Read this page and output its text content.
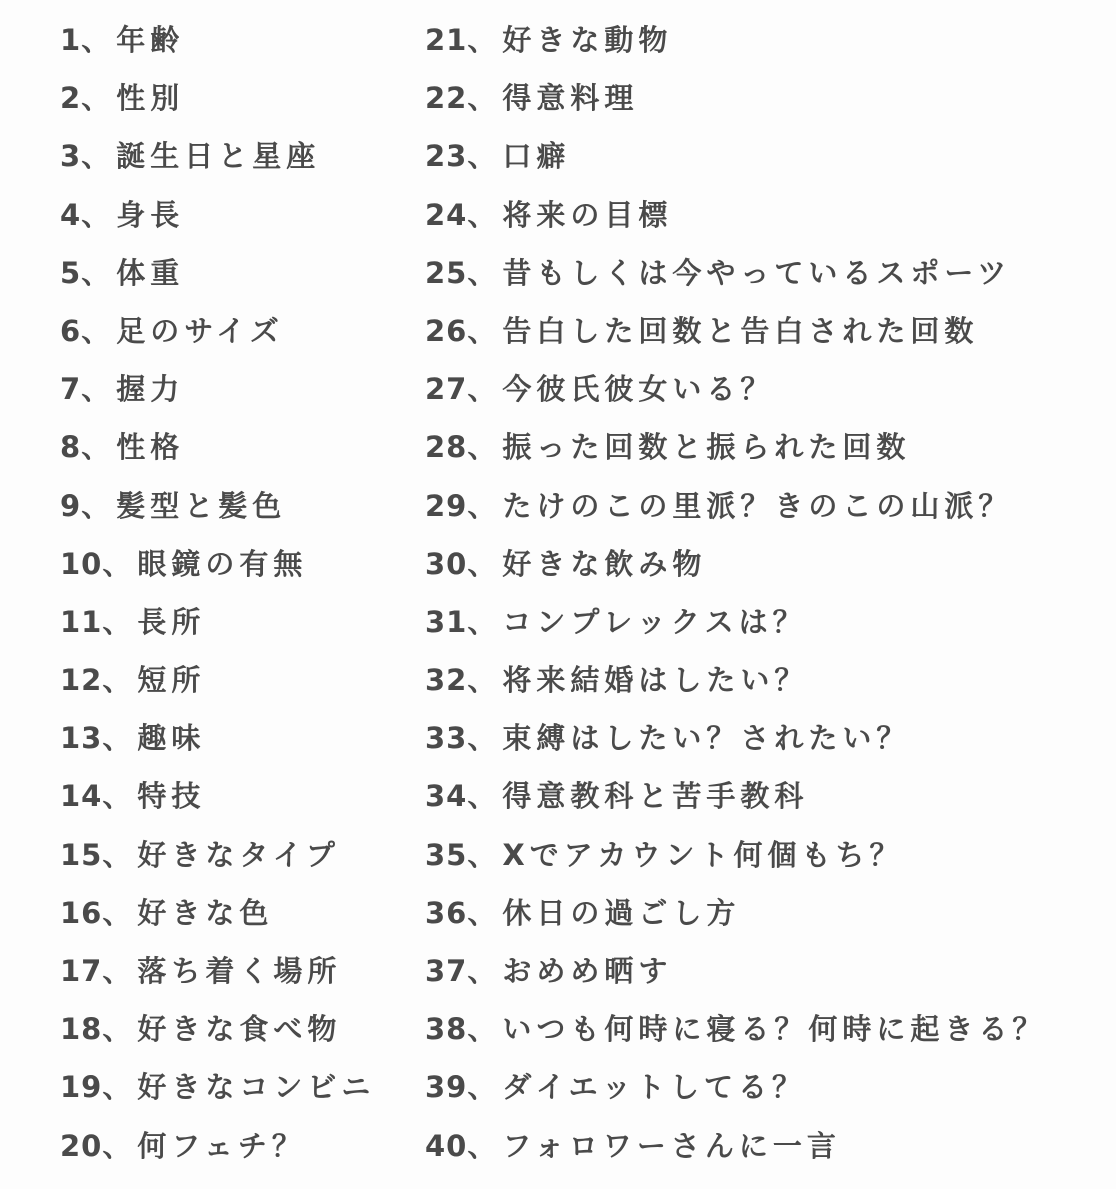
1、年齢
2、性別
3、誕生日と星座
4、身長
5、体重
6、足のサイズ
7、握力
8、性格
9、髪型と髪色
10、眼鏡の有無
11、長所
12、短所
13、趣味
14、特技
15、好きなタイプ
16、好きな色
17、落ち着く場所
18、好きな食べ物
19、好きなコンビニ
20、何フェチ？
21、好きな動物
22、得意料理
23、口癖
24、将来の目標
25、昔もしくは今やっているスポーツ
26、告白した回数と告白された回数
27、今彼氏彼女いる？
28、振った回数と振られた回数
29、たけのこの里派？きのこの山派？
30、好きな飲み物
31、コンプレックスは？
32、将来結婚はしたい？
33、束縛はしたい？されたい？
34、得意教科と苦手教科
35、Xでアカウント何個もち？
36、休日の過ごし方
37、おめめ晒す
38、いつも何時に寝る？何時に起きる？
39、ダイエットしてる？
40、フォロワーさんに一言
